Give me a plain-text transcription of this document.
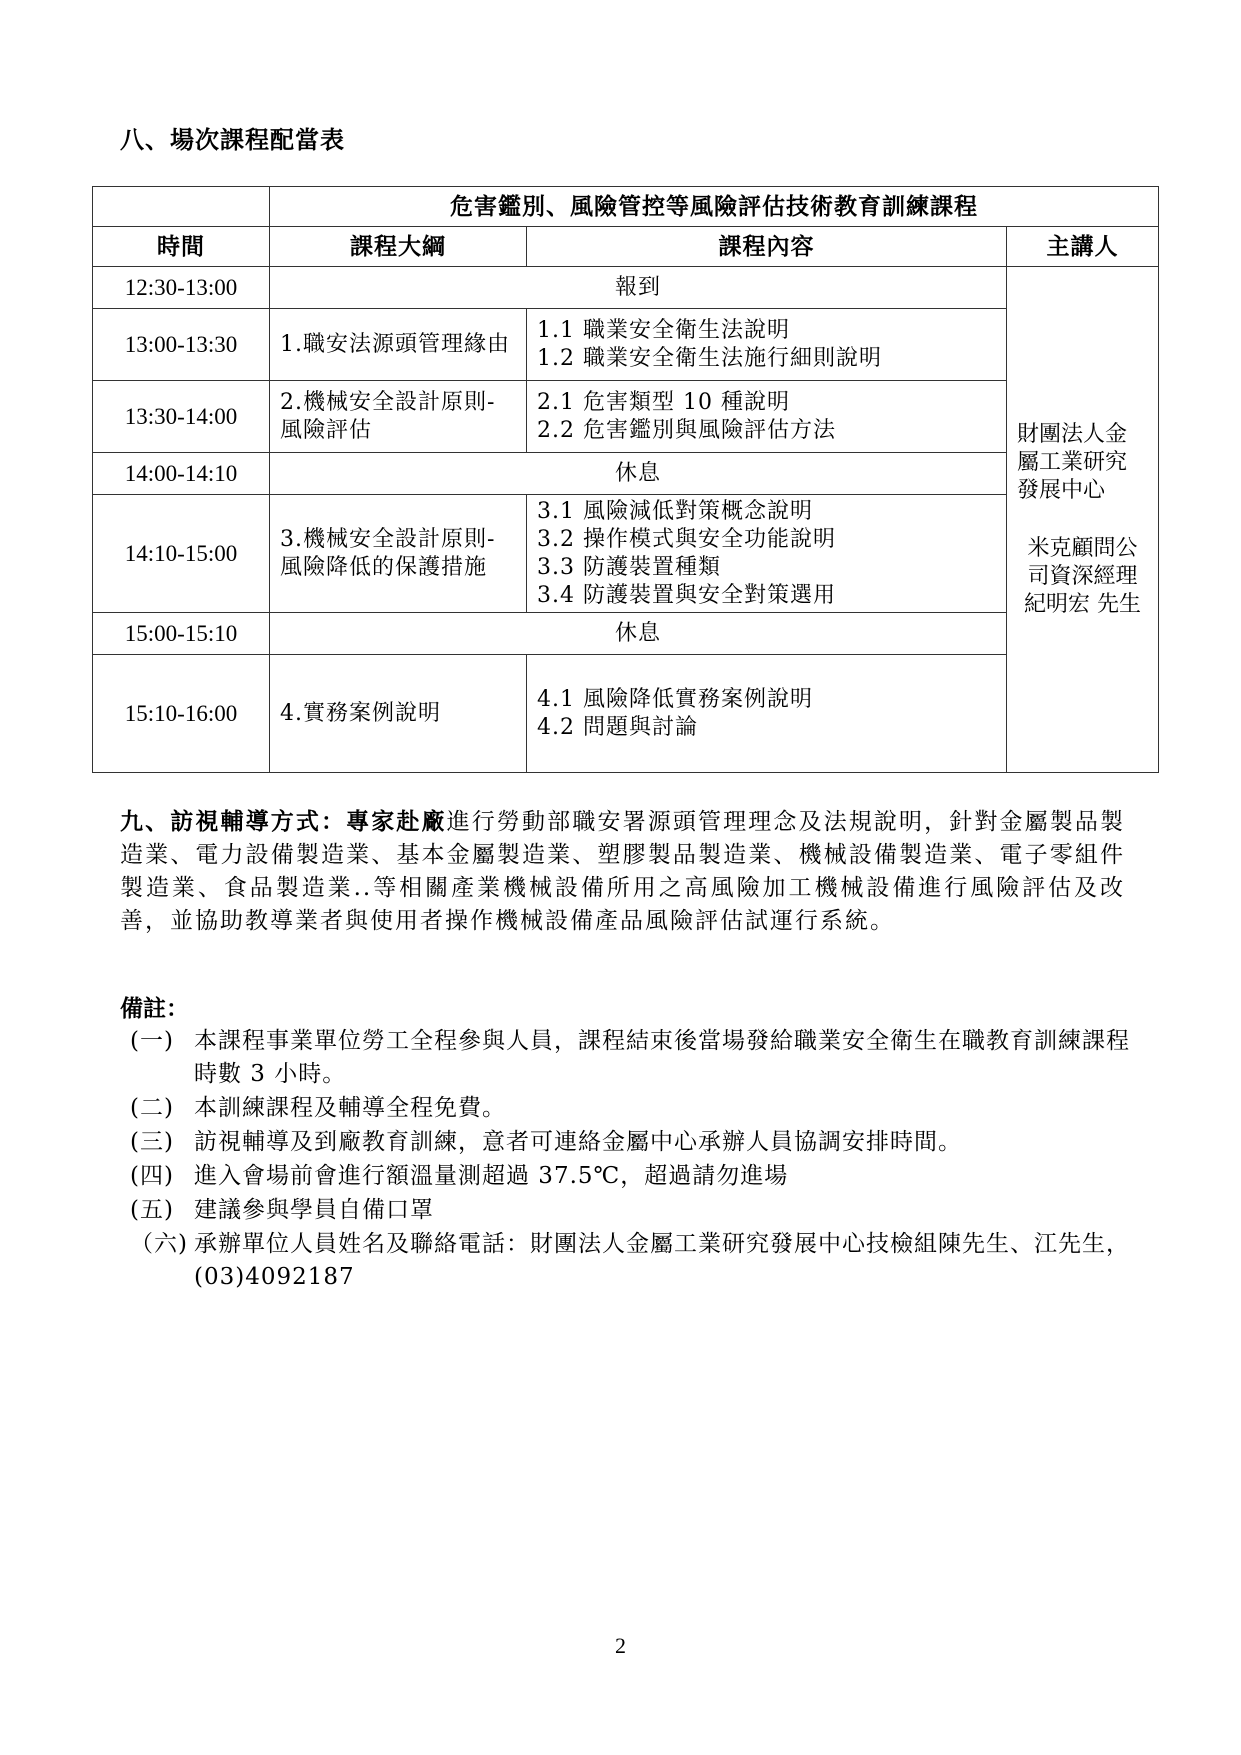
八、場次課程配當表
	危害鑑別、風險管控等風險評估技術教育訓練課程		
時間	課程大綱	課程內容	主講人
12:30-13:00	報到		財團法人金屬工業研究發展中心
米克顧問公司資深經理紀明宏 先生

13:00-13:30	1.職安法源頭管理緣由	1.1 職業安全衛生法說明
1.2 職業安全衛生法施行細則說明	

13:30-14:00	2.機械安全設計原則-風險評估	2.1 危害類型 10 種說明
2.2 危害鑑別與風險評估方法	

14:00-14:10	休息		
14:10-15:00	3.機械安全設計原則-風險降低的保護措施	3.1 風險減低對策概念說明
3.2 操作模式與安全功能說明
3.3 防護裝置種類
3.4 防護裝置與安全對策選用	

15:00-15:10	休息		
15:10-16:00	4.實務案例說明	4.1 風險降低實務案例說明
4.2 問題與討論	
九、訪視輔導方式：專家赴廠進行勞動部職安署源頭管理理念及法規說明，針對金屬製品製造業、電力設備製造業、基本金屬製造業、塑膠製品製造業、機械設備製造業、電子零組件製造業、食品製造業..等相關產業機械設備所用之高風險加工機械設備進行風險評估及改善，並協助教導業者與使用者操作機械設備產品風險評估試運行系統。
備註：
(一) 本課程事業單位勞工全程參與人員，課程結束後當場發給職業安全衛生在職教育訓練課程時數 3 小時。
(二) 本訓練課程及輔導全程免費。
(三) 訪視輔導及到廠教育訓練，意者可連絡金屬中心承辦人員協調安排時間。
(四) 進入會場前會進行額溫量測超過 37.5℃，超過請勿進場
(五) 建議參與學員自備口罩
（六) 承辦單位人員姓名及聯絡電話：財團法人金屬工業研究發展中心技檢組陳先生、江先生，(03)4092187
2
